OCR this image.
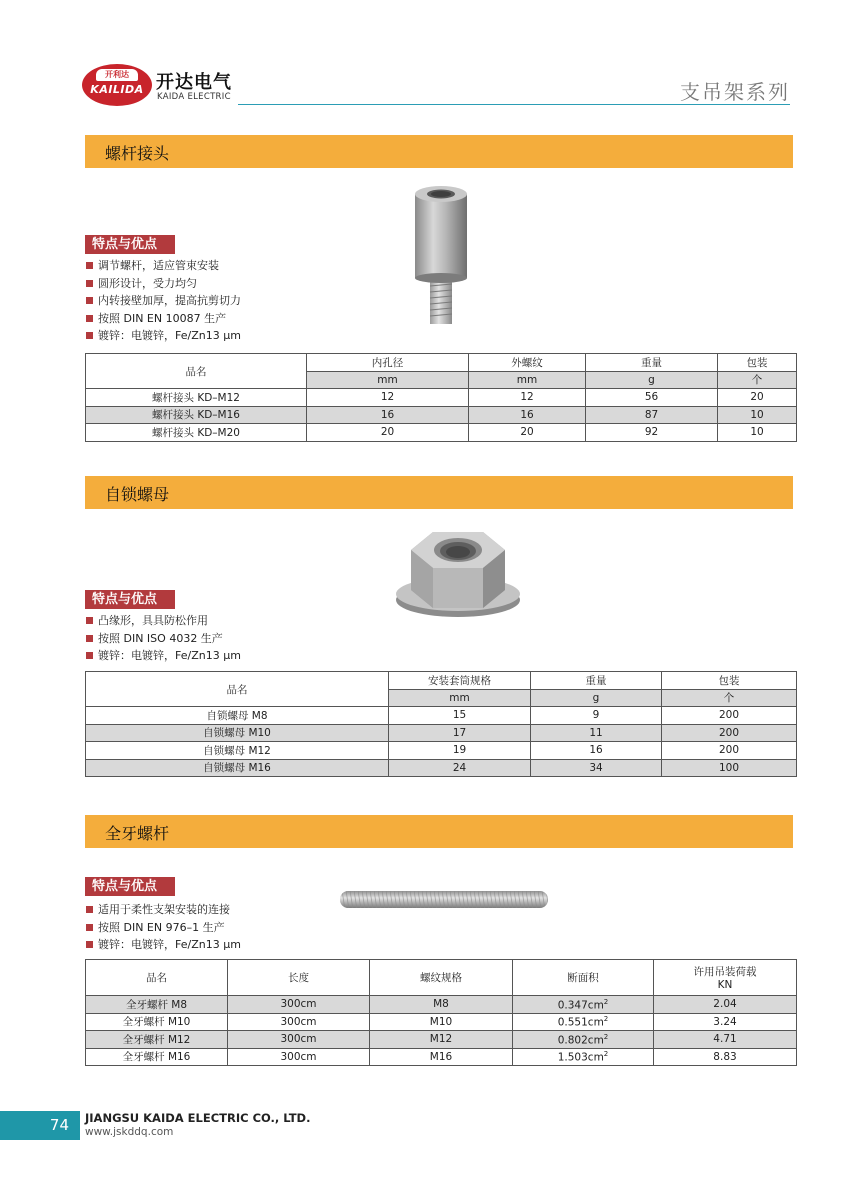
开利达
KAILIDA 开达电气
KAIDA ELECTRIC	支吊架系列
螺杆接头
特点与优点
调节螺杆，适应管束安装
圆形设计，受力均匀
内转接壁加厚，提高抗剪切力
按照 DIN EN 10087 生产
镀锌：电镀锌，Fe/Zn13 μm
品名	内孔径	外螺纹	重量	包装
	mm	mm	g	个
螺杆接头 KD–M12	12	12	56	20
螺杆接头 KD–M16	16	16	87	10
螺杆接头 KD–M20	20	20	92	10
自锁螺母
特点与优点
凸缘形，具具防松作用
按照 DIN ISO 4032 生产
镀锌：电镀锌，Fe/Zn13 μm
品名	安装套筒规格	重量	包装
	mm	g	个
自锁螺母 M8	15	9	200
自锁螺母 M10	17	11	200
自锁螺母 M12	19	16	200
自锁螺母 M16	24	34	100
全牙螺杆
特点与优点
适用于柔性支架安装的连接
按照 DIN EN 976–1 生产
镀锌：电镀锌，Fe/Zn13 μm
品名	长度	螺纹规格	断面积	许用吊装荷载
KN

全牙螺杆 M8	300cm	M8	$0.347cm^2$	2.04
全牙螺杆 M10	300cm	M10	$0.551cm^2$	3.24
全牙螺杆 M12	300cm	M12	$0.802cm^2$	4.71
全牙螺杆 M16	300cm	M16	$1.503cm^2$	8.83
74	JIANGSU KAIDA ELECTRIC CO., LTD.
www.jskddq.com
